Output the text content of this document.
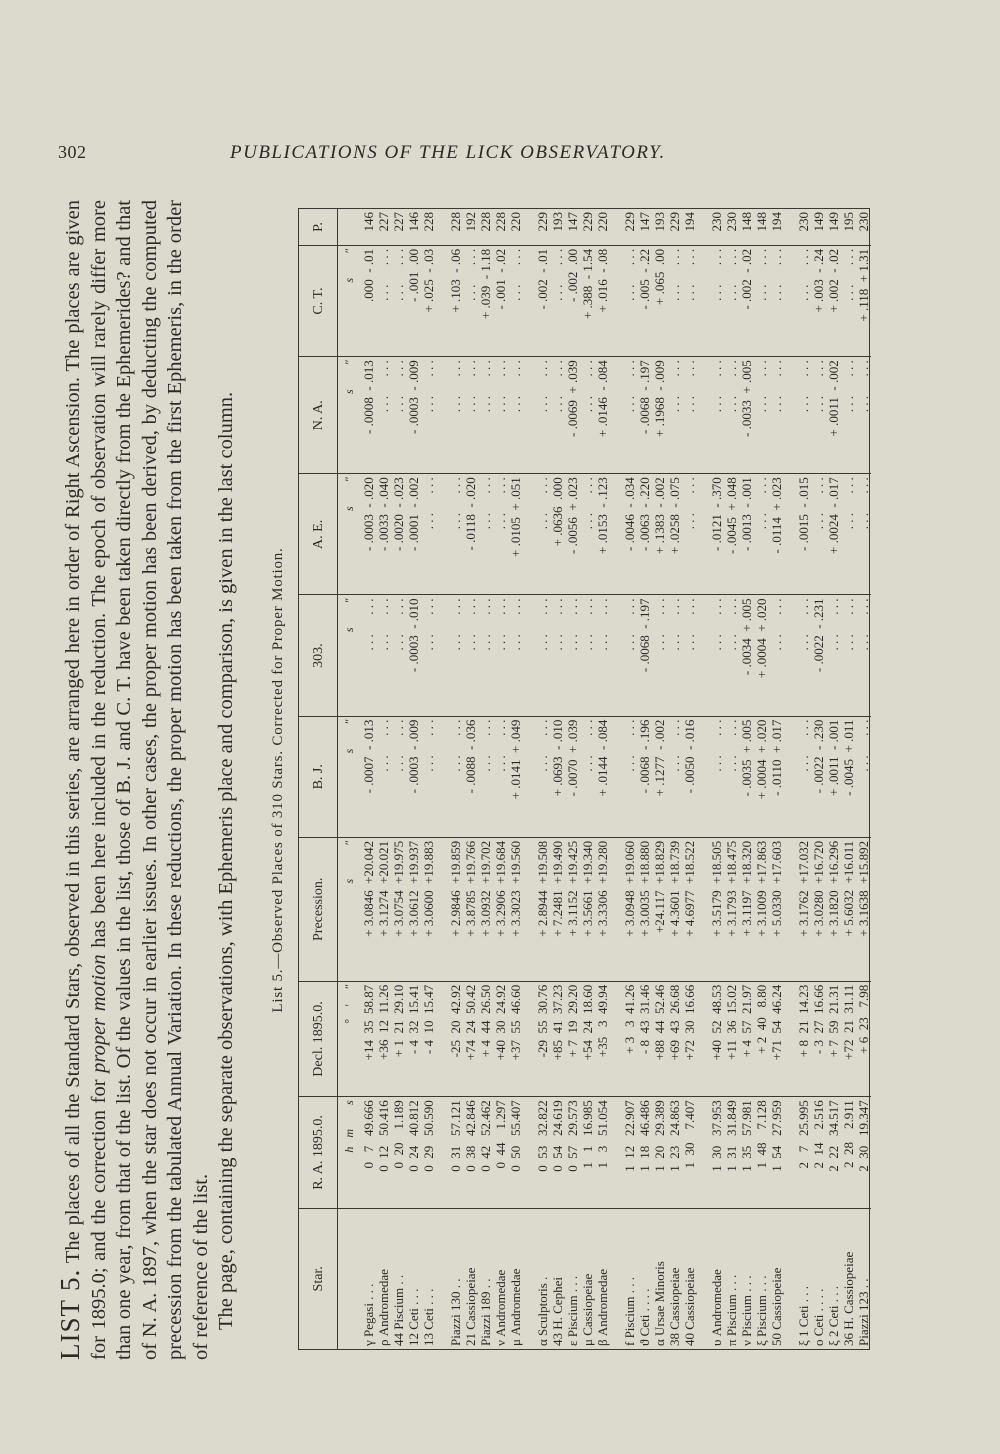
302	PUBLICATIONS OF THE LICK OBSERVATORY.

LIST 5. The places of all the Standard Stars, observed in this series, are arranged here in order of Right Ascension. The places are given for 1895.0; and the correction for proper motion has been here included in the reduction. The epoch of observation will rarely differ more than one year, from that of the list. Of the values in the list, those of B. J. and C. T. have been taken directly from the Ephemerides? and that of N. A. 1897, when the star does not occur in earlier issues. In other cases, the proper motion has been derived, by deducting the computed precession from the tabulated Annual Variation. In these reductions, the proper motion has been taken from the first Ephemeris, in the order of reference of the list. The page, containing the separate observations, with Ephemeris place and comparison, is given in the last column. List 5.—Observed Places of 310 Stars. Corrected for Proper Motion.
Star.	R. A. 1895.0.	Decl. 1895.0.	Precession.	B. J.	303.	A. E.	N. A.	C. T.	P.
	h   m        s	°    ′     ″	s           ″	s        ″	s        ″	s        ″	s        ″	s        ″	
γ Pegasi . . .	0   7   49.666	+14  35  58.87	+ 3.0846  +20.042	- .0007  - .013	. . .      . . .	- .0003  - .020	- .0008  - .013	.000  - .01	146
ρ Andromedae	0  12   50.416	+36  12  11.26	+ 3.1274  +20.021	. . .      . . .	. . .      . . .	- .0033  - .040	. . .      . . .	. . .      . . .	227
44 Piscium . .	0  20    1.189	+ 1  21  29.10	+ 3.0754  +19.975	. . .      . . .	. . .      . . .	- .0020  - .023	. . .      . . .	. . .      . . .	227
12 Ceti . . .	0  24   40.812	- 4  32  15.41	+ 3.0612  +19.937	- .0003  - .009	- .0003  - .010	- .0001  - .002	- .0003  - .009	- .001  .00	146
13 Ceti . . .	0  29   50.590	- 4  10  15.47	+ 3.0600  +19.883	. . .      . . .	. . .      . . .	. . .      . . .	. . .      . . .	+ .025  - .03	228
Piazzi 130 . .	0  31   57.121	-25  20  42.92	+ 2.9846  +19.859	. . .      . . .	. . .      . . .	. . .      . . .	. . .      . . .	+ .103  - .06	228
21 Cassiopeiae	0  38   42.846	+74  24  50.42	+ 3.8785  +19.766	- .0088  - .036	. . .      . . .	- .0118  - .020	. . .      . . .	. . .      . . .	192
Piazzi 189 . .	0  42   52.462	+ 4  44  26.50	+ 3.0932  +19.702	. . .      . . .	. . .      . . .	. . .      . . .	. . .      . . .	+ .039  - 1.18	228
ν Andromedae	0  44    1.297	+40  30  24.92	+ 3.2906  +19.684	. . .      . . .	. . .      . . .	. . .      . . .	. . .      . . .	- .001  - .02	228
μ Andromedae	0  50   55.407	+37  55  46.60	+ 3.3023  +19.560	+ .0141  + .049	. . .      . . .	+ .0105  + .051	. . .      . . .	. . .      . . .	220
α Sculptoris .	0  53   32.822	-29  55  30.76	+ 2.8944  +19.508	. . .      . . .	. . .      . . .	. . .      . . .	. . .      . . .	- .002  - .01	229
43 H. Cephei	0  54   24.619	+85  41  37.23	+ 7.2481  +19.490	+ .0693  - .010	. . .      . . .	+ .0636  .000	. . .      . . .	. . .      . . .	193
ε Piscium . . .	0  57   29.573	+ 7  19  29.20	+ 3.1152  +19.425	- .0070  + .039	. . .      . . .	- .0056  + .023	- .0069  + .039	- .002  .00	147
μ Cassiopeiae	1   1   16.985	+54  24  18.60	+ 3.5661  +19.340	. . .      . . .	. . .      . . .	. . .      . . .	. . .      . . .	+ .388  - 1.54	229
β Andromedae	1   3   51.054	+35   3  49.94	+ 3.3306  +19.280	+ .0144  - .084	. . .      . . .	+ .0153  - .123	+ .0146  - .084	+ .016  - .08	220
f Piscium . . .	1  12   22.907	+ 3   3  41.26	+ 3.0948  +19.060	. . .      . . .	. . .      . . .	- .0046  - .034	. . .      . . .	. . .      . . .	229
ϑ Ceti . . . .	1  18   46.486	- 8  43  31.46	+ 3.0035  +18.880	- .0068  - .196	- .0068  - .197	- .0063  - .220	- .0068  - .197	- .005  - .22	147
α Ursae Minoris	1  20   29.389	+88  44  52.46	+24.117  +18.829	+ .1277  - .002	. . .      . . .	+ .1383  - .002	+ .1968  - .009	+ .065  .00	193
38 Cassiopeiae	1  23   24.863	+69  43  26.68	+ 4.3601  +18.739	. . .      . . .	. . .      . . .	+ .0258  - .075	. . .      . . .	. . .      . . .	229
40 Cassiopeiae	1  30    7.407	+72  30  16.66	+ 4.6977  +18.522	- .0050  - .016	. . .      . . .	. . .      . . .	. . .      . . .	. . .      . . .	194
υ Andromedae	1  30   37.953	+40  52  48.53	+ 3.5179  +18.505	. . .      . . .	. . .      . . .	- .0121  - .370	. . .      . . .	. . .      . . .	230
π Piscium . . .	1  31   31.849	+11  36  15.02	+ 3.1793  +18.475	. . .      . . .	. . .      . . .	- .0045  + .048	. . .      . . .	. . .      . . .	230
ν Piscium . . .	1  35   57.981	+ 4  57  21.97	+ 3.1197  +18.320	- .0035  + .005	- .0034  + .005	- .0013  - .001	- .0033  + .005	- .002  - .02	148
ξ Piscium . . .	1  48    7.128	+ 2  40   8.80	+ 3.1009  +17.863	+ .0004  + .020	+ .0004  + .020	. . .      . . .	. . .      . . .	. . .      . . .	148
50 Cassiopeiae	1  54   27.959	+71  54  46.24	+ 5.0330  +17.603	- .0110  + .017	. . .      . . .	- .0114  + .023	. . .      . . .	. . .      . . .	194
ξ 1 Ceti . . .	2   7   25.995	+ 8  21  14.23	+ 3.1762  +17.032	. . .      . . .	. . .      . . .	- .0015  - .015	. . .      . . .	. . .      . . .	230
ο Ceti . . . .	2  14    2.516	- 3  27  16.66	+ 3.0280  +16.720	- .0022  - .230	- .0022  - .231	. . .      . . .	. . .      . . .	+ .003  - .24	149
ξ 2 Ceti . . .	2  22   34.517	+ 7  59  21.31	+ 3.1820  +16.296	+ .0011  - .001	. . .      . . .	+ .0024  - .017	+ .0011  - .002	+ .002  - .02	149
36 H. Cassiopeiae	2  28    2.911	+72  21  31.11	+ 5.6032  +16.011	- .0045  + .011	. . .      . . .	. . .      . . .	. . .      . . .	. . .      . . .	195
Piazzi 123 . .	2  30   19.347	+ 6  23   7.98	+ 3.1638  +15.892	. . .      . . .	. . .      . . .	. . .      . . .	. . .      . . .	+ .118  + 1.31	230
